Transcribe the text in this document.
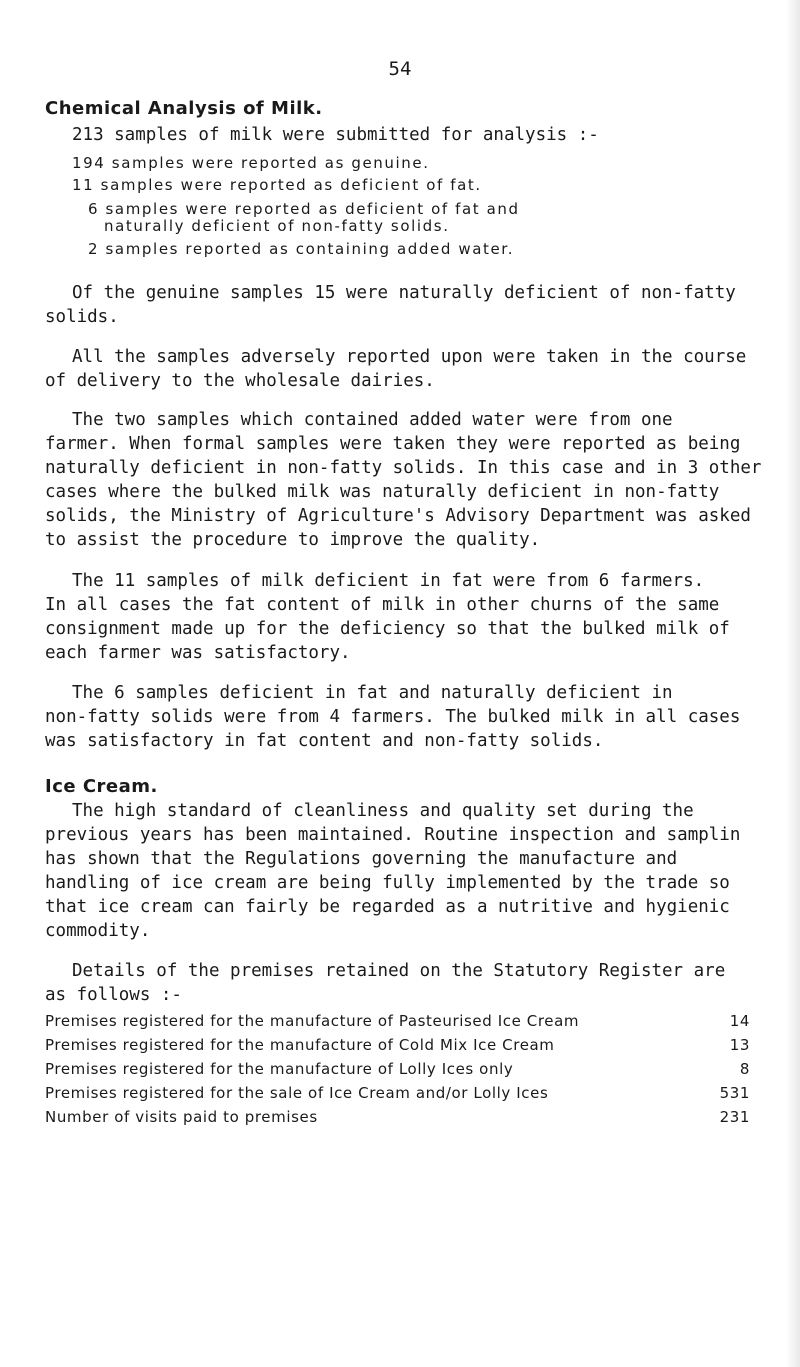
54
Chemical Analysis of Milk.
213 samples of milk were submitted for analysis :-
194 samples were reported as genuine.
11 samples were reported as deficient of fat.
6 samples were reported as deficient of fat and
naturally deficient of non-fatty solids.
2 samples reported as containing added water.
Of the genuine samples 15 were naturally deficient of non-fatty
solids.
All the samples adversely reported upon were taken in the course
of delivery to the wholesale dairies.
The two samples which contained added water were from one
farmer. When formal samples were taken they were reported as being
naturally deficient in non-fatty solids. In this case and in 3 other
cases where the bulked milk was naturally deficient in non-fatty
solids, the Ministry of Agriculture's Advisory Department was asked
to assist the procedure to improve the quality.
The 11 samples of milk deficient in fat were from 6 farmers.
In all cases the fat content of milk in other churns of the same
consignment made up for the deficiency so that the bulked milk of
each farmer was satisfactory.
The 6 samples deficient in fat and naturally deficient in
non-fatty solids were from 4 farmers. The bulked milk in all cases
was satisfactory in fat content and non-fatty solids.
Ice Cream.
The high standard of cleanliness and quality set during the
previous years has been maintained. Routine inspection and samplin
has shown that the Regulations governing the manufacture and
handling of ice cream are being fully implemented by the trade so
that ice cream can fairly be regarded as a nutritive and hygienic
commodity.
Details of the premises retained on the Statutory Register are
as follows :-
Premises registered for the manufacture of Pasteurised Ice Cream	14
Premises registered for the manufacture of Cold Mix Ice Cream	13
Premises registered for the manufacture of Lolly Ices only	8
Premises registered for the sale of Ice Cream and/or Lolly Ices	531
Number of visits paid to premises	231
